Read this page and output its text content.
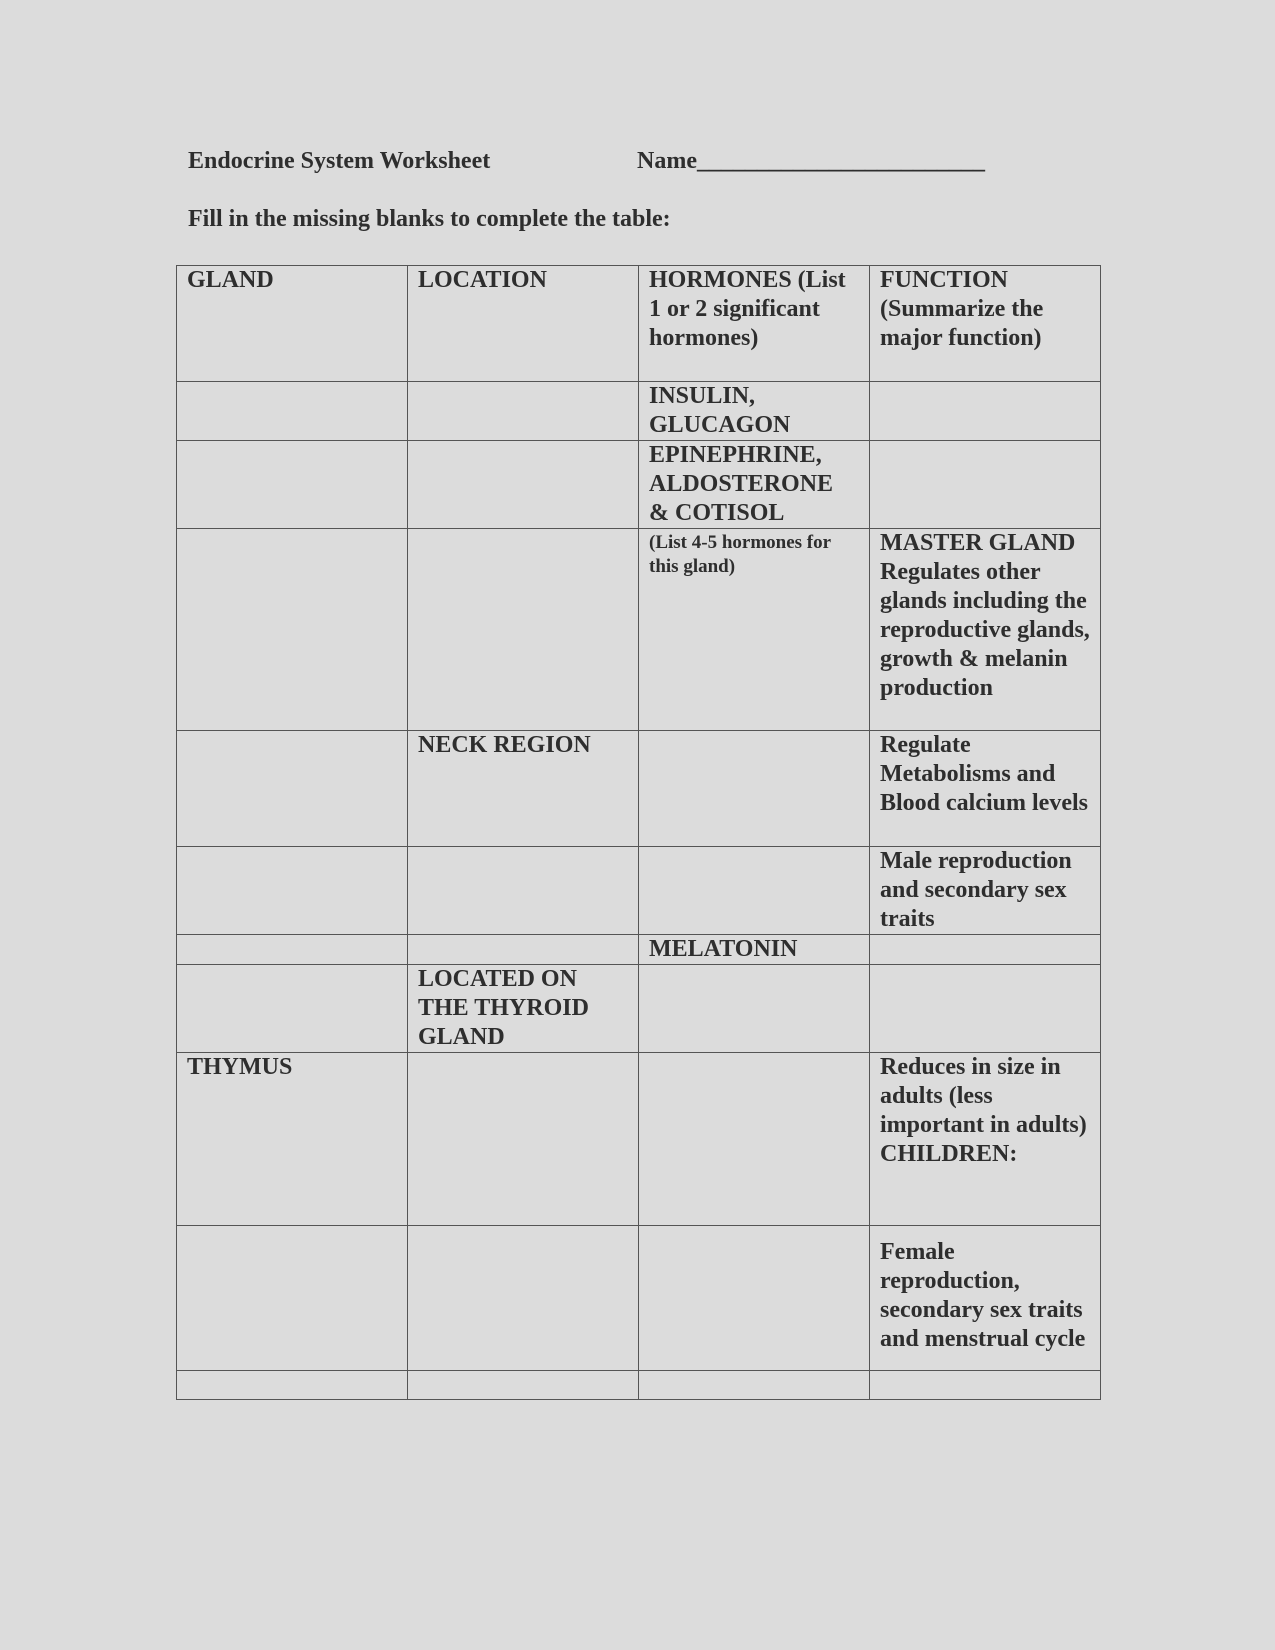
Endocrine System Worksheet	Name________________________
Fill in the missing blanks to complete the table:
GLAND	LOCATION	HORMONES (List 1 or 2 significant hormones)	FUNCTION (Summarize the major function)
		INSULIN, GLUCAGON	
		EPINEPHRINE, ALDOSTERONE & COTISOL	

		(List 4-5 hormones for this gland)	MASTER GLAND Regulates other glands including the reproductive glands, growth & melanin production
	NECK REGION		Regulate Metabolisms and Blood calcium levels
			Male reproduction and secondary sex traits
		MELATONIN	
	LOCATED ON THE THYROID GLAND		
THYMUS			Reduces in size in adults (less important in adults) CHILDREN:
			Female reproduction, secondary sex traits and menstrual cycle
